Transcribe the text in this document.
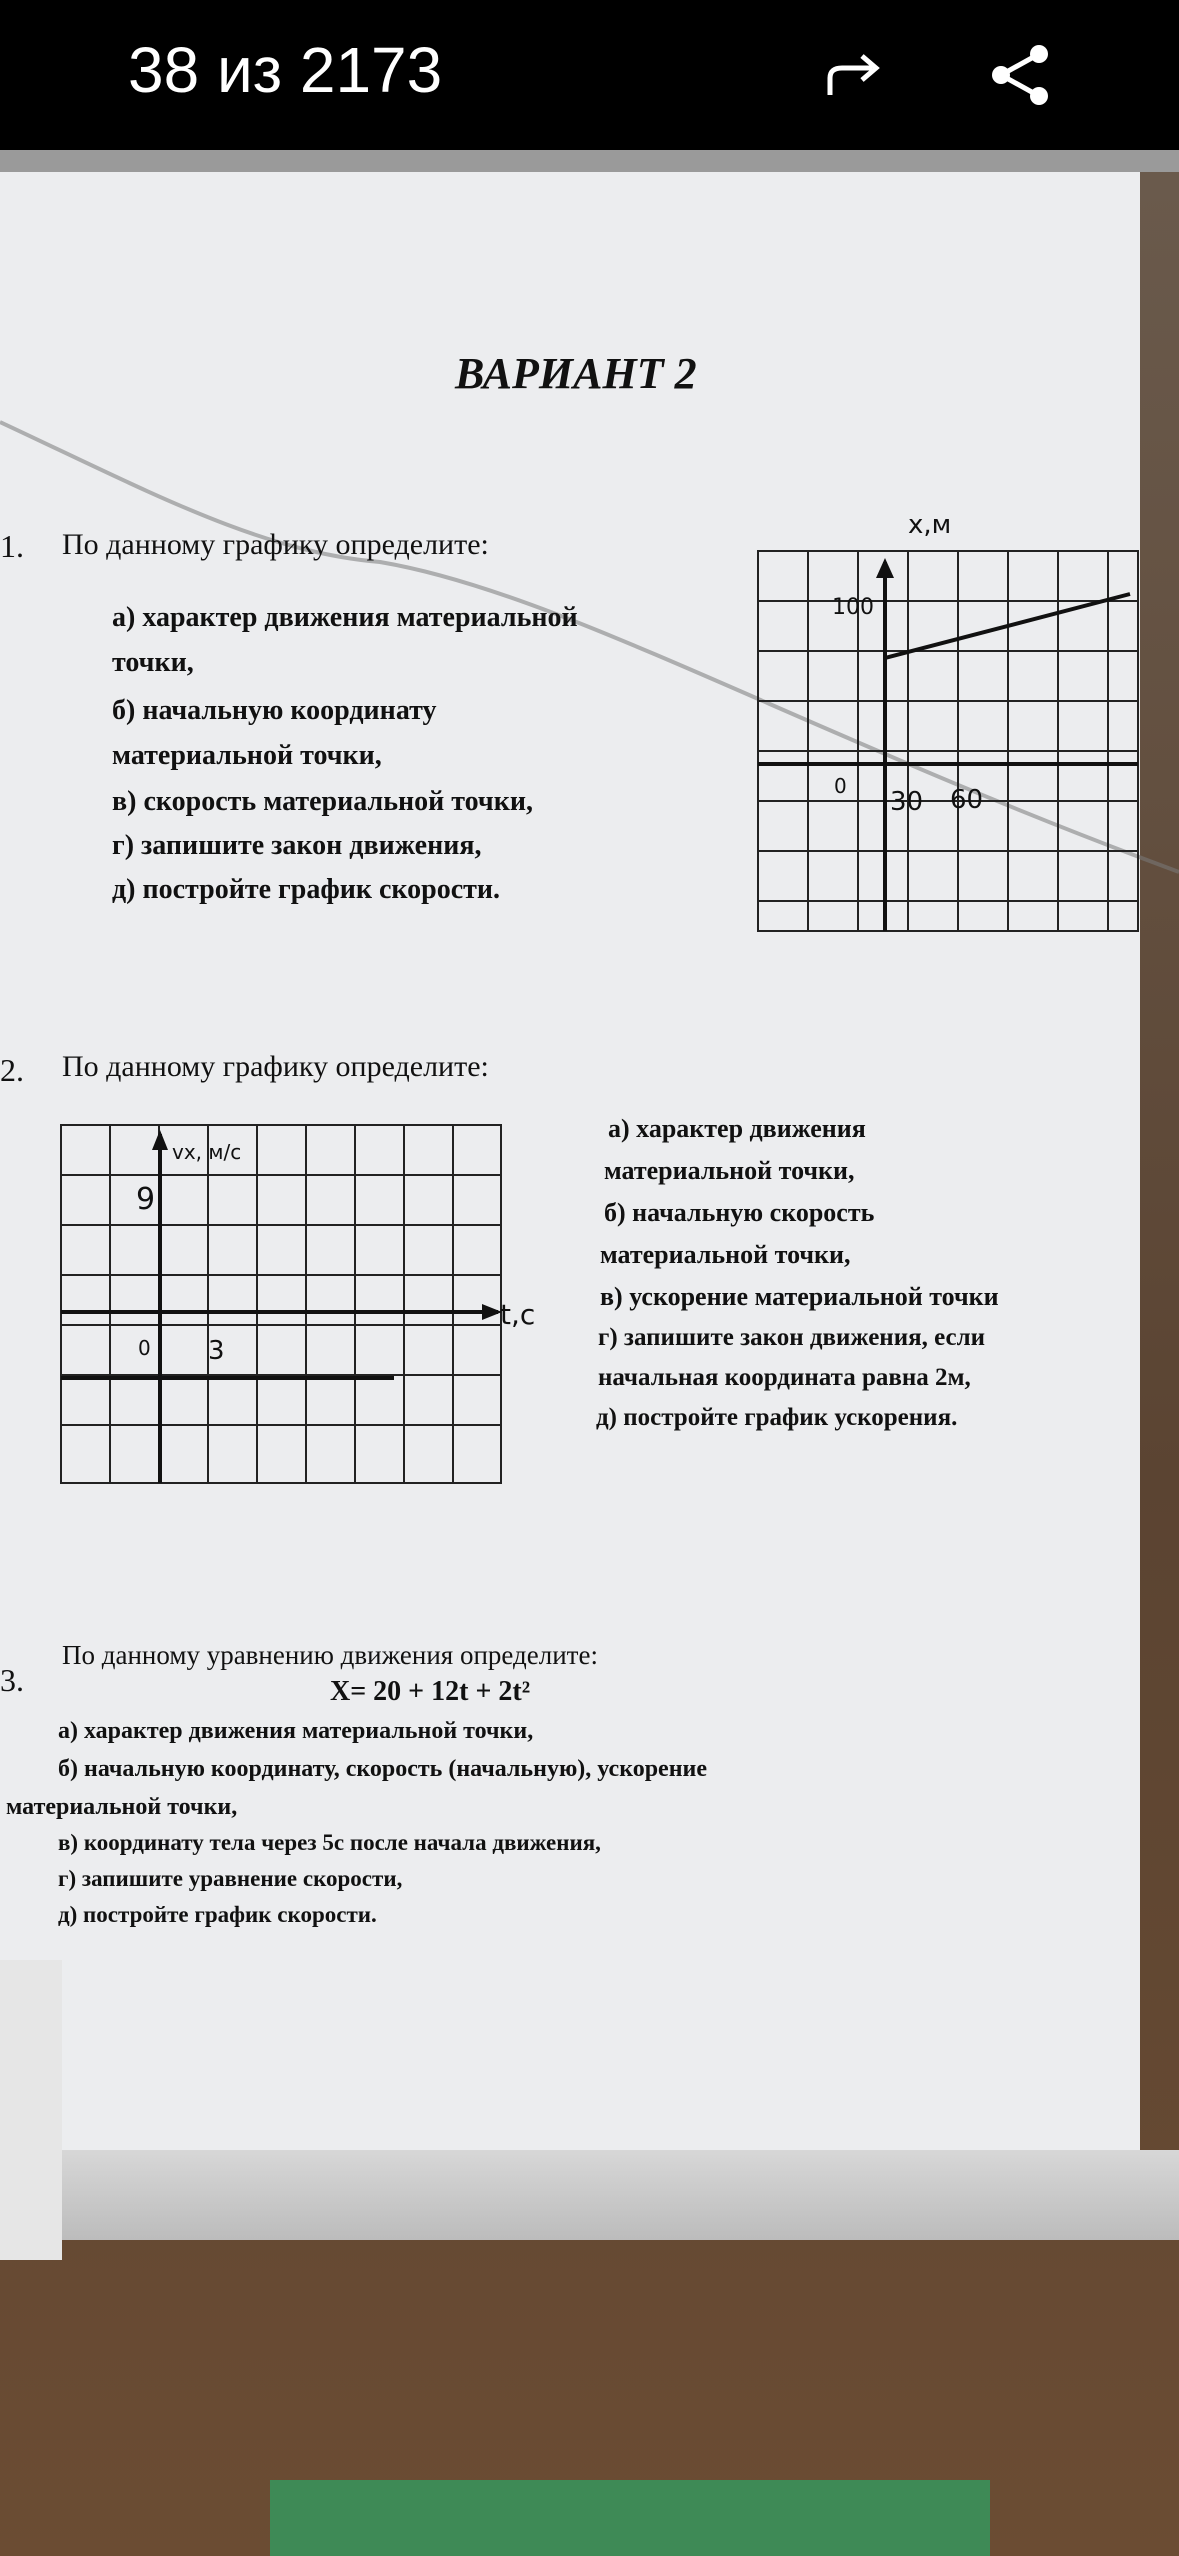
38 из 2173
ВАРИАНТ 2
1. По данному графику определите:
а) характер движения материальной
точки,
б) начальную координату
материальной точки,
в) скорость материальной точки,
г) запишите закон движения,
д) постройте график скорости.
x,м
100
0
30 60
2. По данному графику определите:
vx, м/с
9
0 3
t,с
а) характер движения
материальной точки,
б) начальную скорость
материальной точки,
в) ускорение материальной точки
г) запишите закон движения, если
начальная координата равна 2м,
д) постройте график ускорения.
3.
По данному уравнению движения определите:
X= 20 + 12t + 2t²
а) характер движения материальной точки,
б) начальную координату, скорость (начальную), ускорение
материальной точки,
в) координату тела через 5с после начала движения,
г) запишите уравнение скорости,
д) постройте график скорости.
